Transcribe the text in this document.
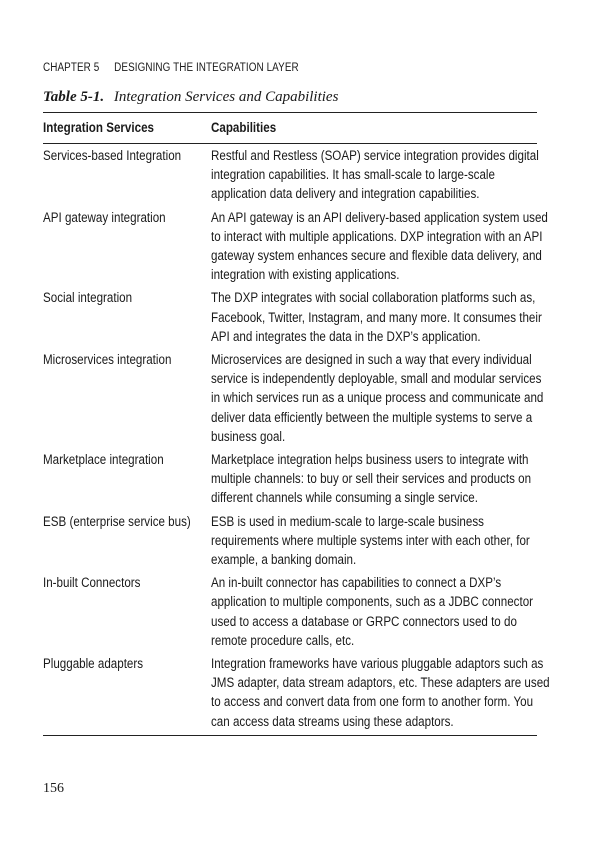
CHAPTER 5 DESIGNING THE INTEGRATION LAYER
Table 5-1. Integration Services and Capabilities
Integration Services	Capabilities
Services-based Integration	Restful and Restless (SOAP) service integration provides digital
integration capabilities. It has small-scale to large-scale
application data delivery and integration capabilities.
API gateway integration	An API gateway is an API delivery-based application system used
to interact with multiple applications. DXP integration with an API
gateway system enhances secure and flexible data delivery, and
integration with existing applications.
Social integration	The DXP integrates with social collaboration platforms such as,
Facebook, Twitter, Instagram, and many more. It consumes their
API and integrates the data in the DXP’s application.
Microservices integration	Microservices are designed in such a way that every individual
service is independently deployable, small and modular services
in which services run as a unique process and communicate and
deliver data efficiently between the multiple systems to serve a
business goal.
Marketplace integration	Marketplace integration helps business users to integrate with
multiple channels: to buy or sell their services and products on
different channels while consuming a single service.
ESB (enterprise service bus)	ESB is used in medium-scale to large-scale business
requirements where multiple systems inter with each other, for
example, a banking domain.
In-built Connectors	An in-built connector has capabilities to connect a DXP’s
application to multiple components, such as a JDBC connector
used to access a database or GRPC connectors used to do
remote procedure calls, etc.
Pluggable adapters	Integration frameworks have various pluggable adaptors such as
JMS adapter, data stream adaptors, etc. These adapters are used
to access and convert data from one form to another form. You
can access data streams using these adaptors.
156
